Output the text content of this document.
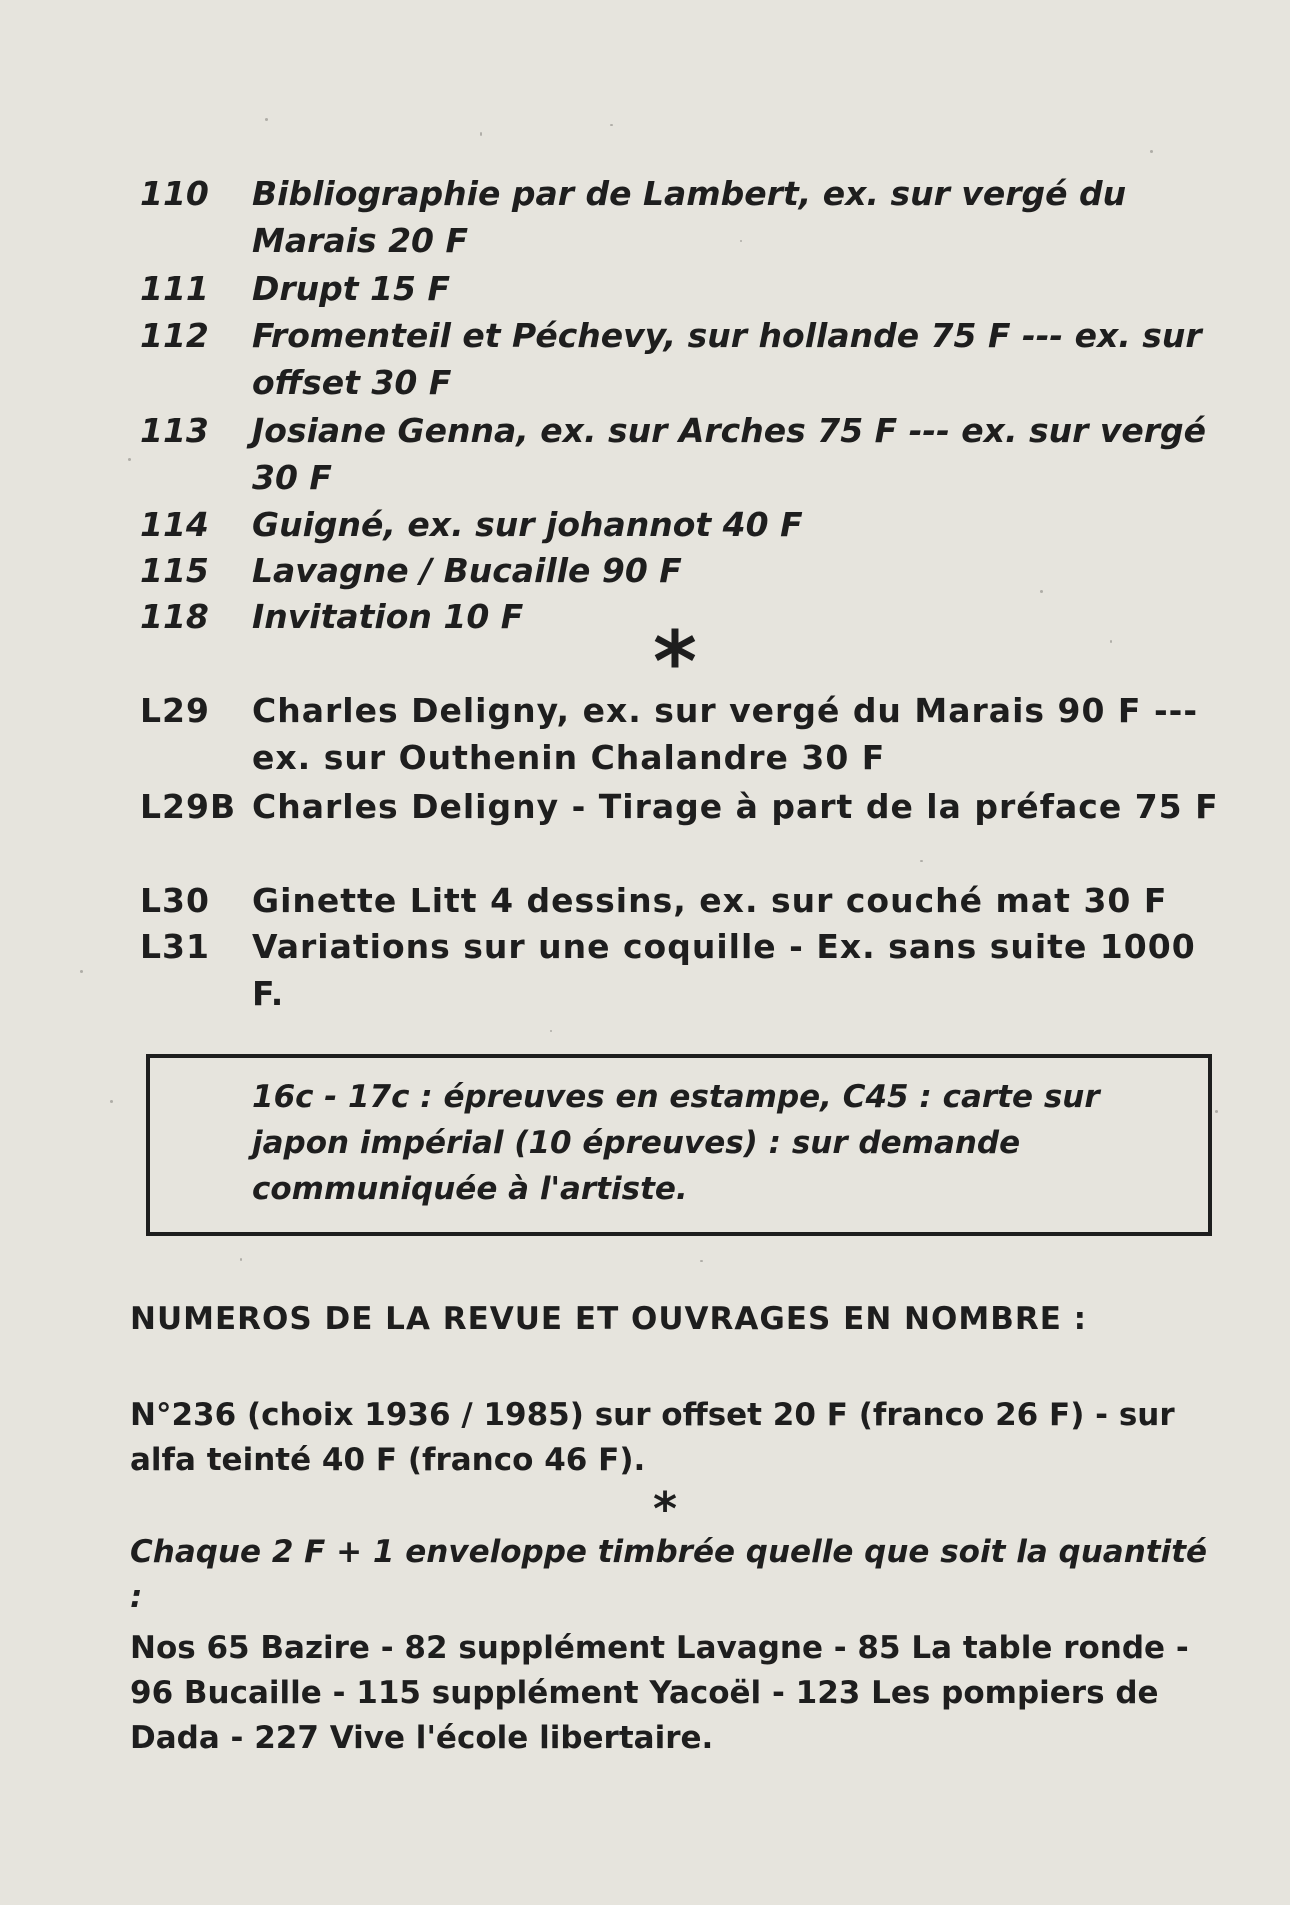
110	Bibliographie par de Lambert, ex. sur vergé du Marais 20 F
111	Drupt 15 F
112	Fromenteil et Péchevy, sur hollande 75 F --- ex. sur offset 30 F
113	Josiane Genna, ex. sur Arches 75 F --- ex. sur vergé 30 F
114	Guigné, ex. sur johannot 40 F
115	Lavagne / Bucaille 90 F
118	Invitation 10 F	*
L29	Charles Deligny, ex. sur vergé du Marais 90 F --- ex. sur Outhenin Chalandre 30 F
L29B Charles Deligny - Tirage à part de la préface 75 F
L30	Ginette Litt 4 dessins, ex. sur couché mat 30 F
L31	Variations sur une coquille - Ex. sans suite 1000 F.
16c - 17c : épreuves en estampe, C45 : carte sur japon impérial (10 épreuves) : sur demande communiquée à l'artiste.
NUMEROS DE LA REVUE ET OUVRAGES EN NOMBRE :
N°236 (choix 1936 / 1985) sur offset 20 F (franco 26 F) - sur alfa teinté 40 F (franco 46 F).
*
Chaque 2 F + 1 enveloppe timbrée quelle que soit la quantité :
Nos 65 Bazire - 82 supplément Lavagne - 85 La table ronde - 96 Bucaille - 115 supplément Yacoël - 123 Les pompiers de Dada - 227 Vive l'école libertaire.
